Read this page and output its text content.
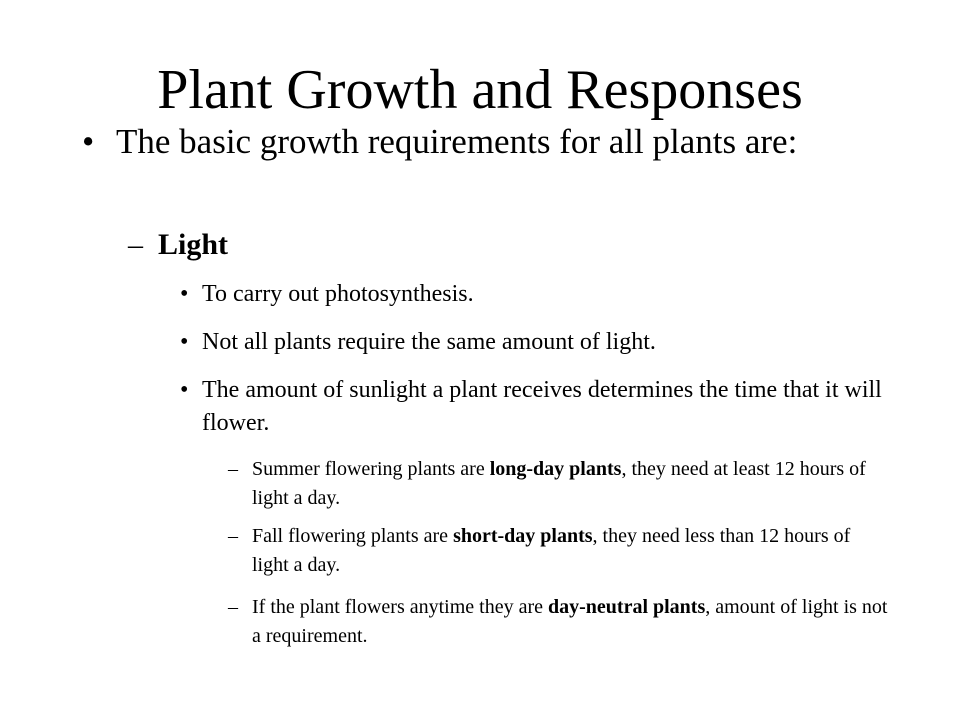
Plant Growth and Responses

• The basic growth requirements for all plants are:

– Light

• To carry out photosynthesis.

• Not all plants require the same amount of light.

• The amount of sunlight a plant receives determines the time that it will flower.

– Summer flowering plants are long-day plants, they need at least 12 hours of light a day.

– Fall flowering plants are short-day plants, they need less than 12 hours of light a day.

– If the plant flowers anytime they are day-neutral plants, amount of light is not a requirement.
